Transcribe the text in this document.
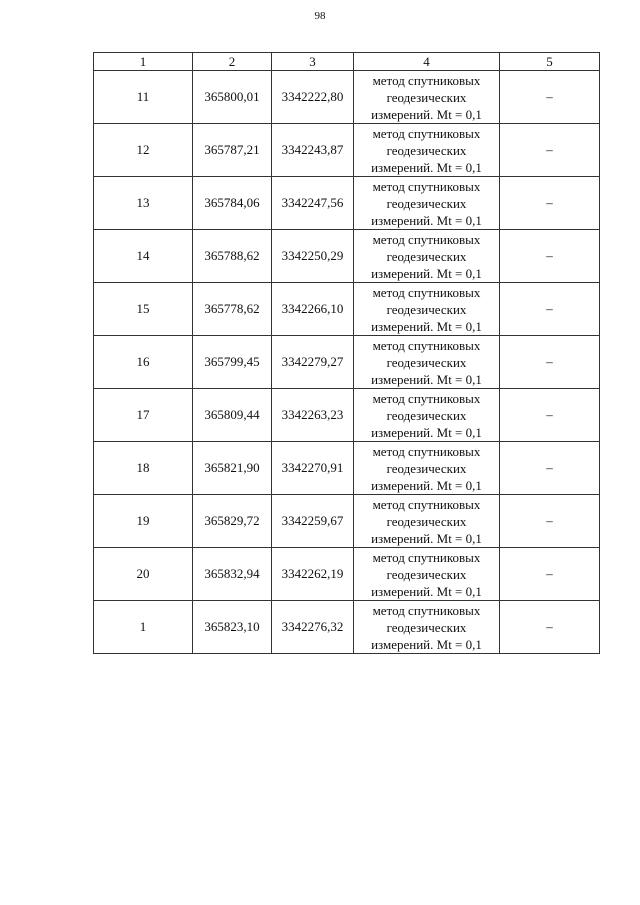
98
1	2	3	4	5
11	365800,01	3342222,80	метод спутниковых
геодезических
измерений. Mt = 0,1	–
12	365787,21	3342243,87	метод спутниковых
геодезических
измерений. Mt = 0,1	–
13	365784,06	3342247,56	метод спутниковых
геодезических
измерений. Mt = 0,1	–
14	365788,62	3342250,29	метод спутниковых
геодезических
измерений. Mt = 0,1	–
15	365778,62	3342266,10	метод спутниковых
геодезических
измерений. Mt = 0,1	–
16	365799,45	3342279,27	метод спутниковых
геодезических
измерений. Mt = 0,1	–
17	365809,44	3342263,23	метод спутниковых
геодезических
измерений. Mt = 0,1	–
18	365821,90	3342270,91	метод спутниковых
геодезических
измерений. Mt = 0,1	–
19	365829,72	3342259,67	метод спутниковых
геодезических
измерений. Mt = 0,1	–
20	365832,94	3342262,19	метод спутниковых
геодезических
измерений. Mt = 0,1	–
1	365823,10	3342276,32	метод спутниковых
геодезических
измерений. Mt = 0,1	–
